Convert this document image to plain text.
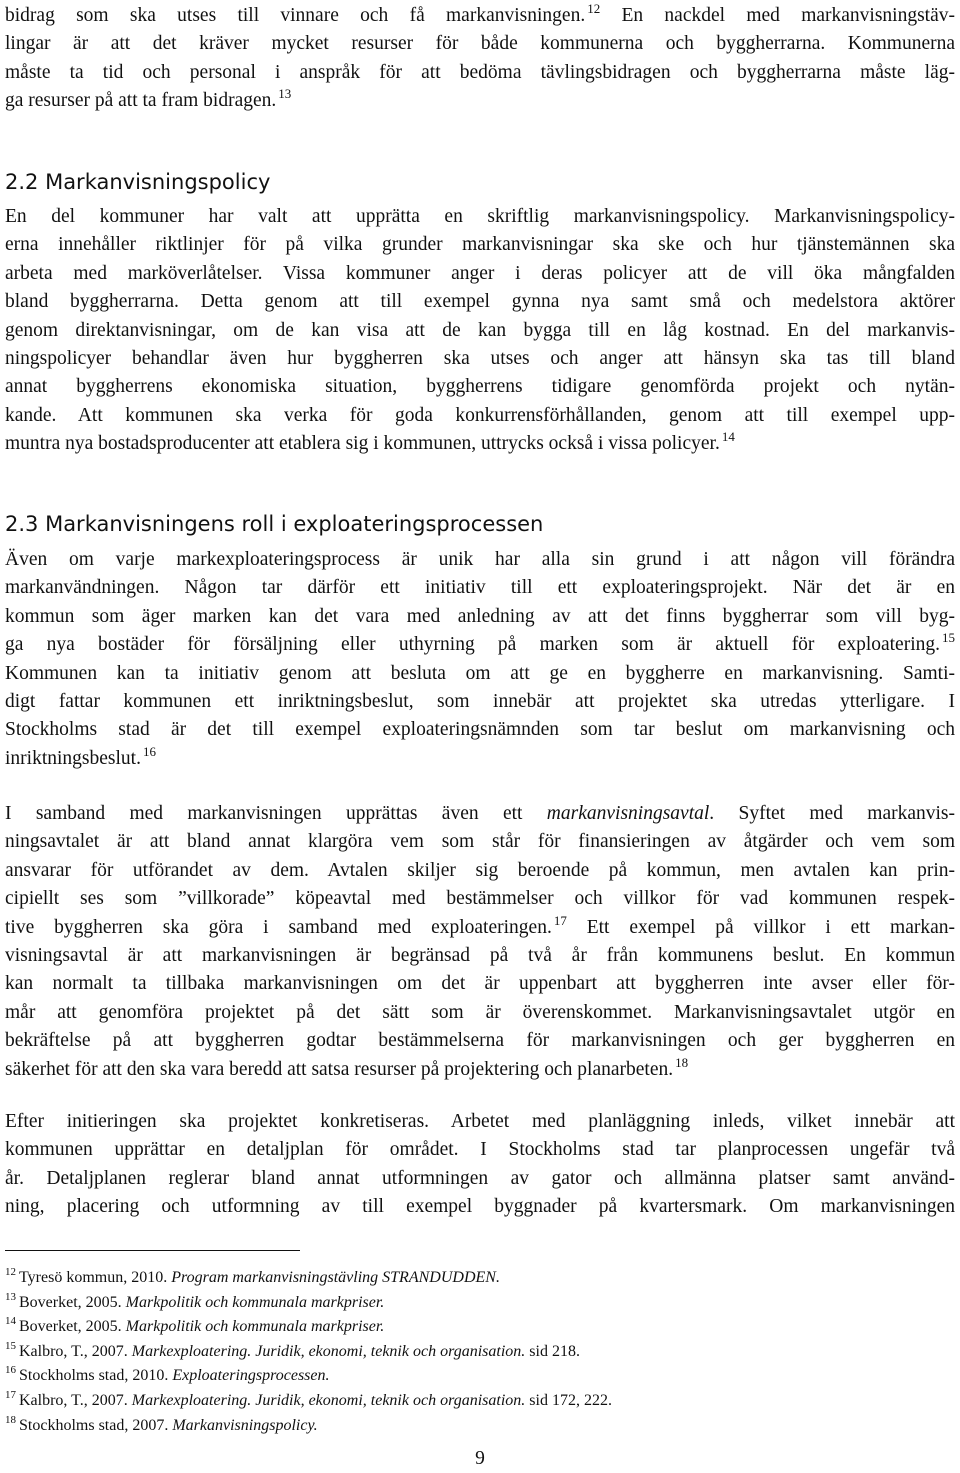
bidrag som ska utses till vinnare och få markanvisningen. $^{12}$ En nackdel med markanvisningstäv-
lingar är att det kräver mycket resurser för både kommunerna och byggherrarna. Kommunerna
måste ta tid och personal i anspråk för att bedöma tävlingsbidragen och byggherrarna måste läg-
ga resurser på att ta fram bidragen. $^{13}$
2.2 Markanvisningspolicy
En del kommuner har valt att upprätta en skriftlig markanvisningspolicy. Markanvisningspolicy-
erna innehåller riktlinjer för på vilka grunder markanvisningar ska ske och hur tjänstemännen ska
arbeta med marköverlåtelser. Vissa kommuner anger i deras policyer att de vill öka mångfalden
bland byggherrarna. Detta genom att till exempel gynna nya samt små och medelstora aktörer
genom direktanvisningar, om de kan visa att de kan bygga till en låg kostnad. En del markanvis-
ningspolicyer behandlar även hur byggherren ska utses och anger att hänsyn ska tas till bland
annat byggherrens ekonomiska situation, byggherrens tidigare genomförda projekt och nytän-
kande. Att kommunen ska verka för goda konkurrensförhållanden, genom att till exempel upp-
muntra nya bostadsproducenter att etablera sig i kommunen, uttrycks också i vissa policyer. $^{14}$
2.3 Markanvisningens roll i exploateringsprocessen
Även om varje markexploateringsprocess är unik har alla sin grund i att någon vill förändra
markanvändningen. Någon tar därför ett initiativ till ett exploateringsprojekt. När det är en
kommun som äger marken kan det vara med anledning av att det finns byggherrar som vill byg-
ga nya bostäder för försäljning eller uthyrning på marken som är aktuell för exploatering. $^{15}$
Kommunen kan ta initiativ genom att besluta om att ge en byggherre en markanvisning. Samti-
digt fattar kommunen ett inriktningsbeslut, som innebär att projektet ska utredas ytterligare. I
Stockholms stad är det till exempel exploateringsnämnden som tar beslut om markanvisning och
inriktningsbeslut. $^{16}$
I samband med markanvisningen upprättas även ett markanvisningsavtal. Syftet med markanvis-
ningsavtalet är att bland annat klargöra vem som står för finansieringen av åtgärder och vem som
ansvarar för utförandet av dem. Avtalen skiljer sig beroende på kommun, men avtalen kan prin-
cipiellt ses som ”villkorade” köpeavtal med bestämmelser och villkor för vad kommunen respek-
tive byggherren ska göra i samband med exploateringen. $^{17}$ Ett exempel på villkor i ett markan-
visningsavtal är att markanvisningen är begränsad på två år från kommunens beslut. En kommun
kan normalt ta tillbaka markanvisningen om det är uppenbart att byggherren inte avser eller för-
mår att genomföra projektet på det sätt som är överenskommet. Markanvisningsavtalet utgör en
bekräftelse på att byggherren godtar bestämmelserna för markanvisningen och ger byggherren en
säkerhet för att den ska vara beredd att satsa resurser på projektering och planarbeten. $^{18}$
Efter initieringen ska projektet konkretiseras. Arbetet med planläggning inleds, vilket innebär att
kommunen upprättar en detaljplan för området. I Stockholms stad tar planprocessen ungefär två
år. Detaljplanen reglerar bland annat utformningen av gator och allmänna platser samt använd-
ning, placering och utformning av till exempel byggnader på kvartersmark. Om markanvisningen
$^{12}$ Tyresö kommun, 2010. Program markanvisningstävling STRANDUDDEN.
$^{13}$ Boverket, 2005. Markpolitik och kommunala markpriser.
$^{14}$ Boverket, 2005. Markpolitik och kommunala markpriser.
$^{15}$ Kalbro, T., 2007. Markexploatering. Juridik, ekonomi, teknik och organisation. sid 218.
$^{16}$ Stockholms stad, 2010. Exploateringsprocessen.
$^{17}$ Kalbro, T., 2007. Markexploatering. Juridik, ekonomi, teknik och organisation. sid 172, 222.
$^{18}$ Stockholms stad, 2007. Markanvisningspolicy.
9
